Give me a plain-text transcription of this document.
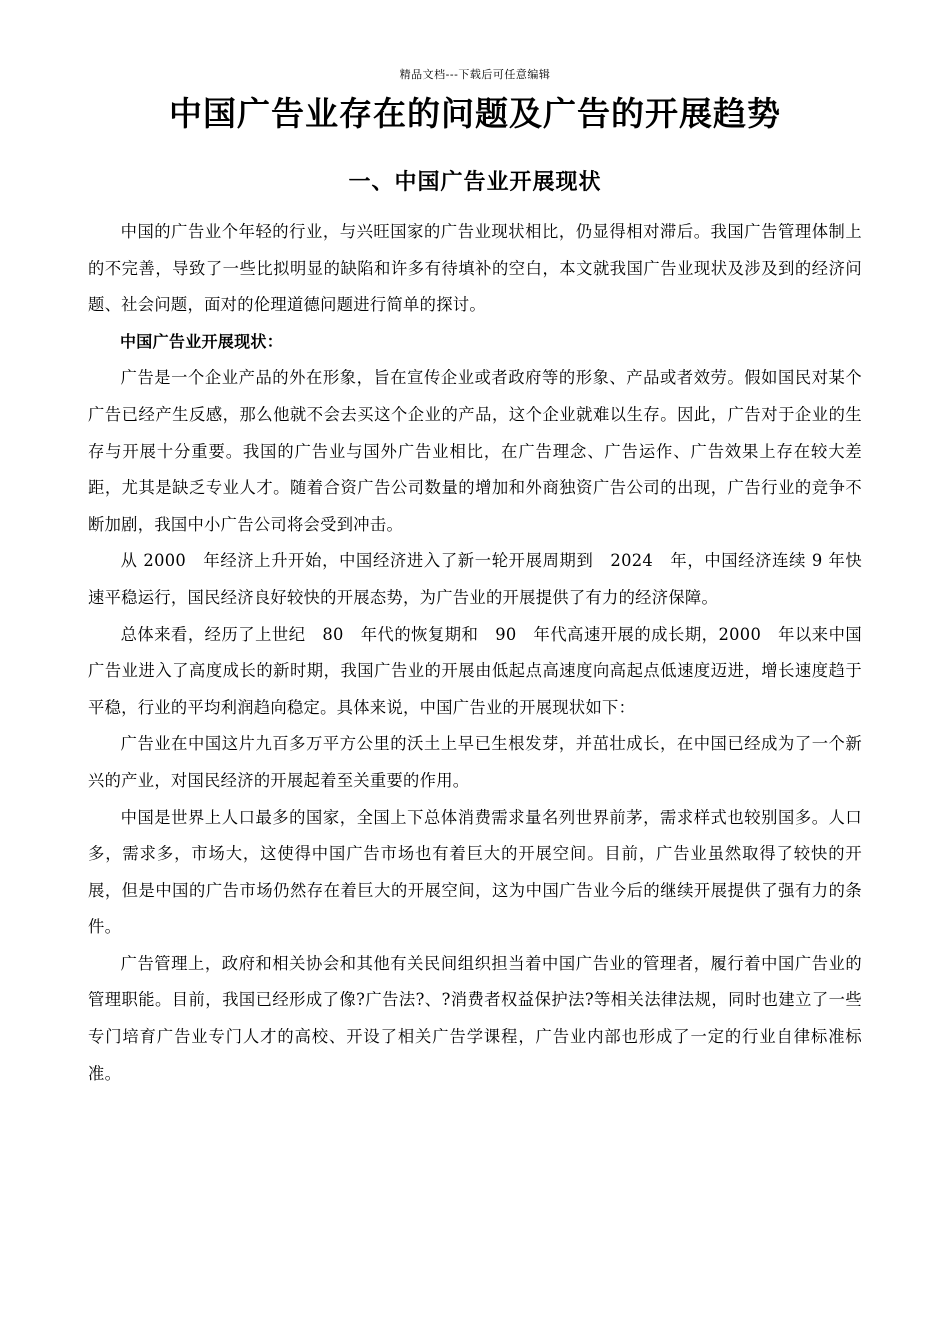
精品文档---下载后可任意编辑
中国广告业存在的问题及广告的开展趋势
一、中国广告业开展现状

中国的广告业个年轻的行业，与兴旺国家的广告业现状相比，仍显得相对滞后。我国广告管理体制上的不完善，导致了一些比拟明显的缺陷和许多有待填补的空白，本文就我国广告业现状及涉及到的经济问题、社会问题，面对的伦理道德问题进行简单的探讨。

中国广告业开展现状：

广告是一个企业产品的外在形象，旨在宣传企业或者政府等的形象、产品或者效劳。假如国民对某个广告已经产生反感，那么他就不会去买这个企业的产品，这个企业就难以生存。因此，广告对于企业的生存与开展十分重要。我国的广告业与国外广告业相比，在广告理念、广告运作、广告效果上存在较大差距，尤其是缺乏专业人才。随着合资广告公司数量的增加和外商独资广告公司的出现，广告行业的竞争不断加剧，我国中小广告公司将会受到冲击。

从 2000　年经济上升开始，中国经济进入了新一轮开展周期到　2024　年，中国经济连续 9 年快速平稳运行，国民经济良好较快的开展态势，为广告业的开展提供了有力的经济保障。

总体来看，经历了上世纪　80　年代的恢复期和　90　年代高速开展的成长期，2000　年以来中国广告业进入了高度成长的新时期，我国广告业的开展由低起点高速度向高起点低速度迈进，增长速度趋于平稳，行业的平均利润趋向稳定。具体来说，中国广告业的开展现状如下：

广告业在中国这片九百多万平方公里的沃土上早已生根发芽，并茁壮成长，在中国已经成为了一个新兴的产业，对国民经济的开展起着至关重要的作用。

中国是世界上人口最多的国家，全国上下总体消费需求量名列世界前茅，需求样式也较别国多。人口多，需求多，市场大，这使得中国广告市场也有着巨大的开展空间。目前，广告业虽然取得了较快的开展，但是中国的广告市场仍然存在着巨大的开展空间，这为中国广告业今后的继续开展提供了强有力的条件。

广告管理上，政府和相关协会和其他有关民间组织担当着中国广告业的管理者，履行着中国广告业的管理职能。目前，我国已经形成了像?广告法?、?消费者权益保护法?等相关法律法规，同时也建立了一些专门培育广告业专门人才的高校、开设了相关广告学课程，广告业内部也形成了一定的行业自律标准标准。
